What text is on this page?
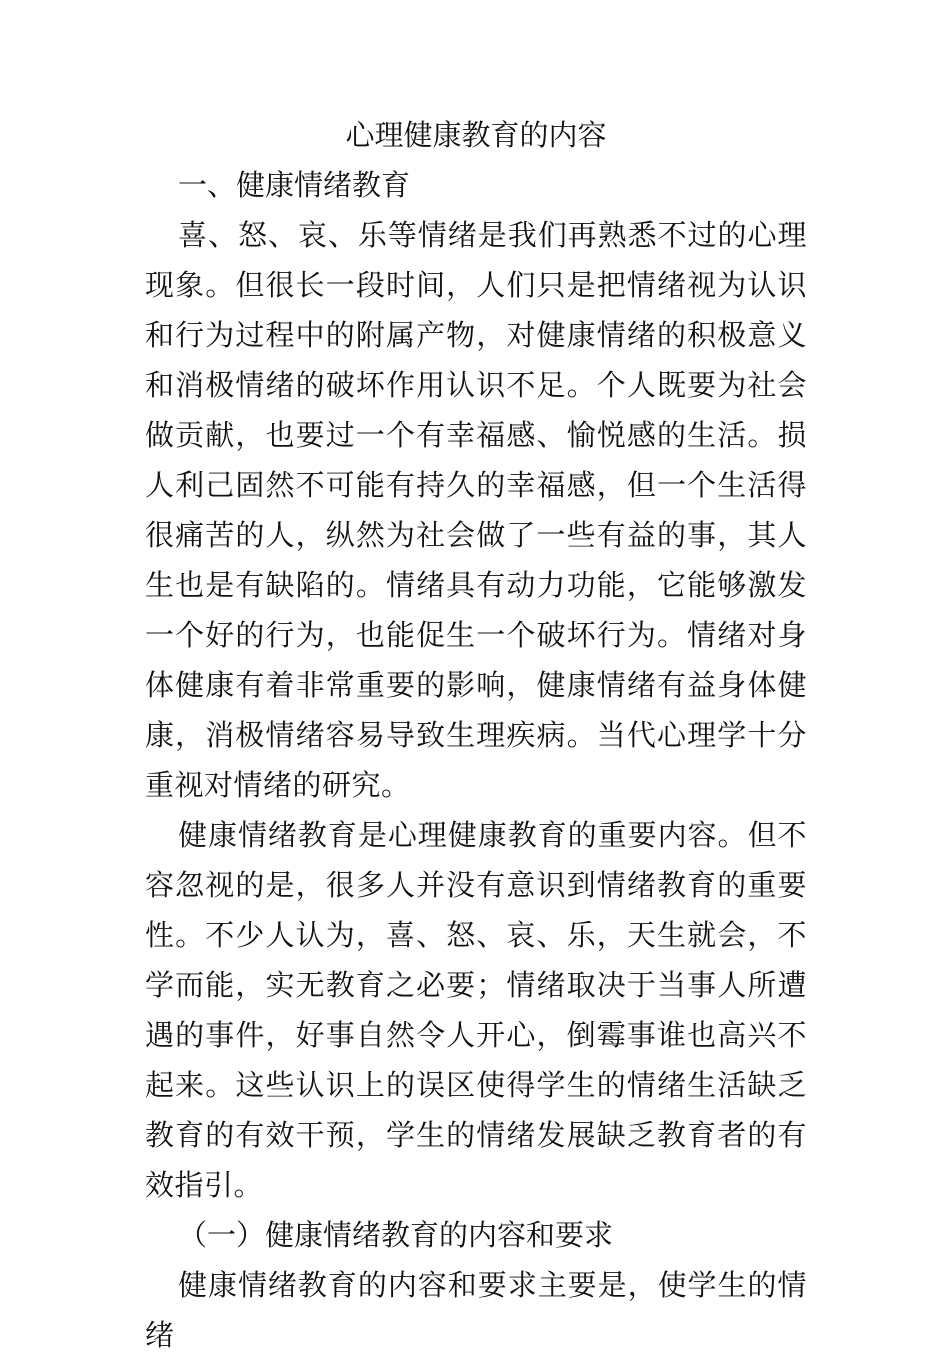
心理健康教育的内容

一、健康情绪教育

喜、怒、哀、乐等情绪是我们再熟悉不过的心理现象。但很长一段时间，人们只是把情绪视为认识和行为过程中的附属产物，对健康情绪的积极意义和消极情绪的破坏作用认识不足。个人既要为社会做贡献，也要过一个有幸福感、愉悦感的生活。损人利己固然不可能有持久的幸福感，但一个生活得很痛苦的人，纵然为社会做了一些有益的事，其人生也是有缺陷的。情绪具有动力功能，它能够激发一个好的行为，也能促生一个破坏行为。情绪对身体健康有着非常重要的影响，健康情绪有益身体健康，消极情绪容易导致生理疾病。当代心理学十分重视对情绪的研究。

健康情绪教育是心理健康教育的重要内容。但不容忽视的是，很多人并没有意识到情绪教育的重要性。不少人认为，喜、怒、哀、乐，天生就会，不学而能，实无教育之必要；情绪取决于当事人所遭遇的事件，好事自然令人开心，倒霉事谁也高兴不起来。这些认识上的误区使得学生的情绪生活缺乏教育的有效干预，学生的情绪发展缺乏教育者的有效指引。

（一）健康情绪教育的内容和要求

健康情绪教育的内容和要求主要是，使学生的情绪
